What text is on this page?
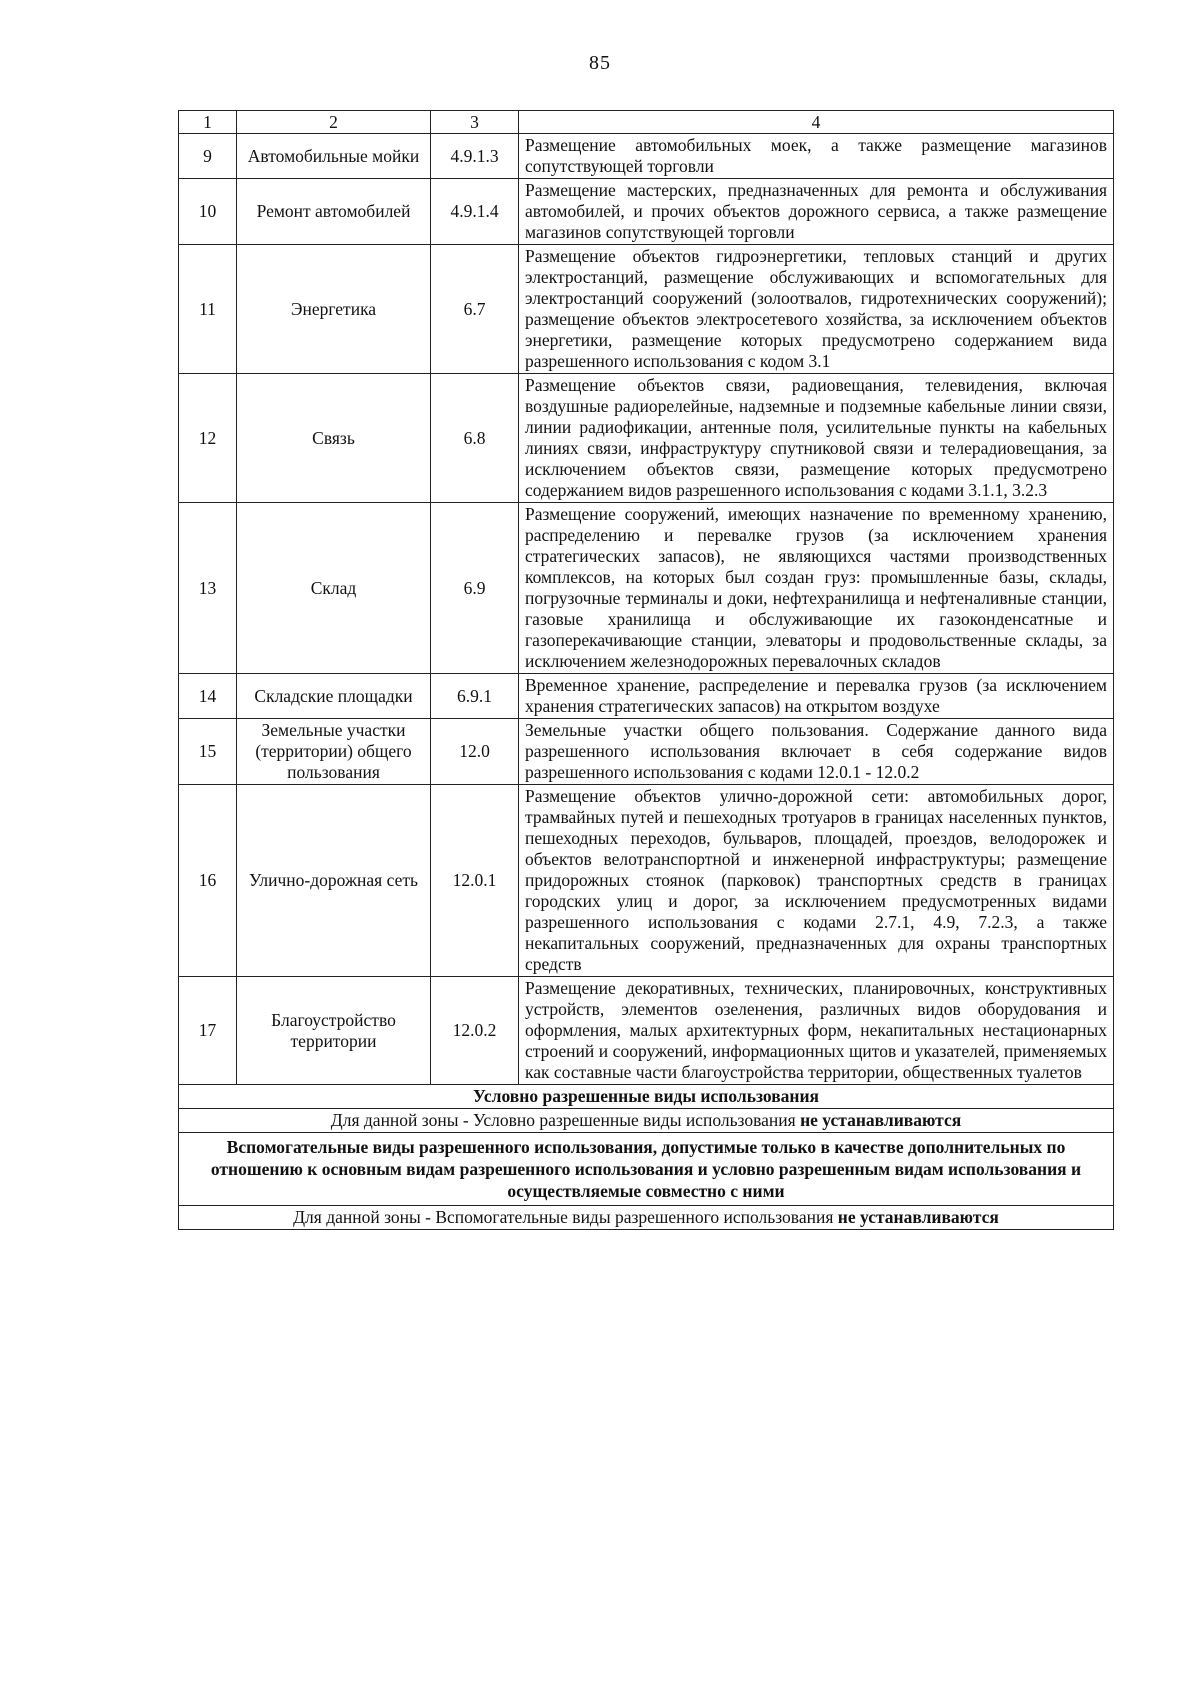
85
1	2	3	4
9	Автомобильные мойки	4.9.1.3	Размещение автомобильных моек, а также размещение магазинов сопутствующей торговли
10	Ремонт автомобилей	4.9.1.4	Размещение мастерских, предназначенных для ремонта и обслуживания автомобилей, и прочих объектов дорожного сервиса, а также размещение магазинов сопутствующей торговли
11	Энергетика	6.7	Размещение объектов гидроэнергетики, тепловых станций и других электростанций, размещение обслуживающих и вспомогательных для электростанций сооружений (золоотвалов, гидротехнических сооружений); размещение объектов электросетевого хозяйства, за исключением объектов энергетики, размещение которых предусмотрено содержанием вида разрешенного использования с кодом 3.1
12	Связь	6.8	Размещение объектов связи, радиовещания, телевидения, включая воздушные радиорелейные, надземные и подземные кабельные линии связи, линии радиофикации, антенные поля, усилительные пункты на кабельных линиях связи, инфраструктуру спутниковой связи и телерадиовещания, за исключением объектов связи, размещение которых предусмотрено содержанием видов разрешенного использования с кодами 3.1.1, 3.2.3
13	Склад	6.9	Размещение сооружений, имеющих назначение по временному хранению, распределению и перевалке грузов (за исключением хранения стратегических запасов), не являющихся частями производственных комплексов, на которых был создан груз: промышленные базы, склады, погрузочные терминалы и доки, нефтехранилища и нефтеналивные станции, газовые хранилища и обслуживающие их газоконденсатные и газоперекачивающие станции, элеваторы и продовольственные склады, за исключением железнодорожных перевалочных складов
14	Складские площадки	6.9.1	Временное хранение, распределение и перевалка грузов (за исключением хранения стратегических запасов) на открытом воздухе
15	Земельные участки (территории) общего пользования	12.0	Земельные участки общего пользования. Содержание данного вида разрешенного использования включает в себя содержание видов разрешенного использования с кодами 12.0.1 - 12.0.2
16	Улично-дорожная сеть	12.0.1	Размещение объектов улично-дорожной сети: автомобильных дорог, трамвайных путей и пешеходных тротуаров в границах населенных пунктов, пешеходных переходов, бульваров, площадей, проездов, велодорожек и объектов велотранспортной и инженерной инфраструктуры; размещение придорожных стоянок (парковок) транспортных средств в границах городских улиц и дорог, за исключением предусмотренных видами разрешенного использования с кодами 2.7.1, 4.9, 7.2.3, а также некапитальных сооружений, предназначенных для охраны транспортных средств
17	Благоустройство территории	12.0.2	Размещение декоративных, технических, планировочных, конструктивных устройств, элементов озеленения, различных видов оборудования и оформления, малых архитектурных форм, некапитальных нестационарных строений и сооружений, информационных щитов и указателей, применяемых как составные части благоустройства территории, общественных туалетов
Условно разрешенные виды использования			
Для данной зоны - Условно разрешенные виды использования не устанавливаются			
Вспомогательные виды разрешенного использования, допустимые только в качестве дополнительных по отношению к основным видам разрешенного использования и условно разрешенным видам использования и осуществляемые совместно с ними			
Для данной зоны - Вспомогательные виды разрешенного использования не устанавливаются			
